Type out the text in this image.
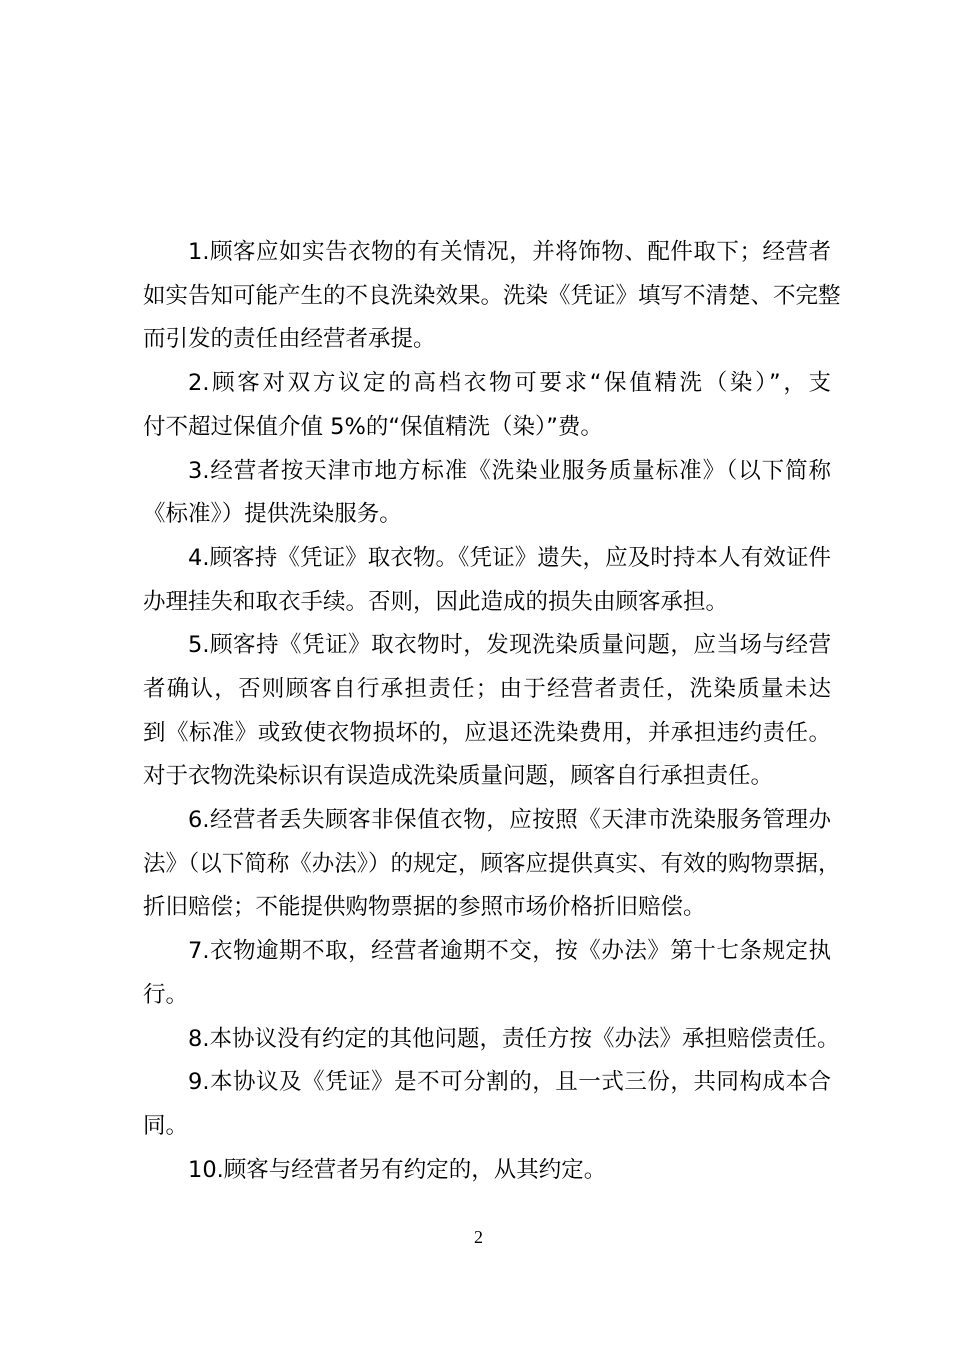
1.顾客应如实告衣物的有关情况，并将饰物、配件取下；经营者
如实告知可能产生的不良洗染效果。洗染《凭证》填写不清楚、不完整
而引发的责任由经营者承提。
2.顾客对双方议定的高档衣物可要求“保值精洗（染）”，支
付不超过保值介值 5%的“保值精洗（染）”费。
3.经营者按天津市地方标准《洗染业服务质量标准》（以下简称
《标准》）提供洗染服务。
4.顾客持《凭证》取衣物。《凭证》遗失，应及时持本人有效证件
办理挂失和取衣手续。否则，因此造成的损失由顾客承担。
5.顾客持《凭证》取衣物时，发现洗染质量问题，应当场与经营
者确认，否则顾客自行承担责任；由于经营者责任，洗染质量未达
到《标准》或致使衣物损坏的，应退还洗染费用，并承担违约责任。
对于衣物洗染标识有误造成洗染质量问题，顾客自行承担责任。
6.经营者丢失顾客非保值衣物，应按照《天津市洗染服务管理办
法》（以下简称《办法》）的规定，顾客应提供真实、有效的购物票据，
折旧赔偿；不能提供购物票据的参照市场价格折旧赔偿。
7.衣物逾期不取，经营者逾期不交，按《办法》第十七条规定执
行。
8.本协议没有约定的其他问题，责任方按《办法》承担赔偿责任。
9.本协议及《凭证》是不可分割的，且一式三份，共同构成本合
同。
10.顾客与经营者另有约定的，从其约定。
2
